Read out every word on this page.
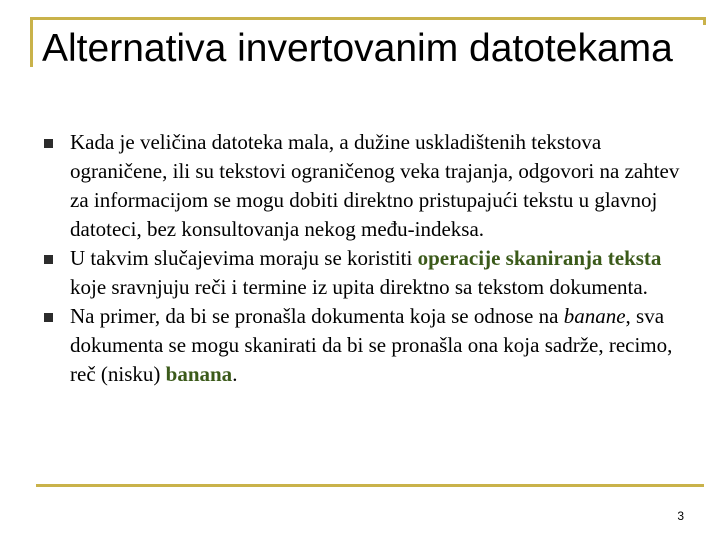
Alternativa invertovanim datotekama
Kada je veličina datoteka mala, a dužine uskladištenih tekstova ograničene, ili su tekstovi ograničenog veka trajanja, odgovori na zahtev za informacijom se mogu dobiti direktno pristupajući tekstu u glavnoj datoteci, bez konsultovanja nekog među-indeksa.
U takvim slučajevima moraju se koristiti operacije skaniranja teksta koje sravnjuju reči i termine iz upita direktno sa tekstom dokumenta.
Na primer, da bi se pronašla dokumenta koja se odnose na banane, sva dokumenta se mogu skanirati da bi se pronašla ona koja sadrže, recimo, reč (nisku) banana.
3
